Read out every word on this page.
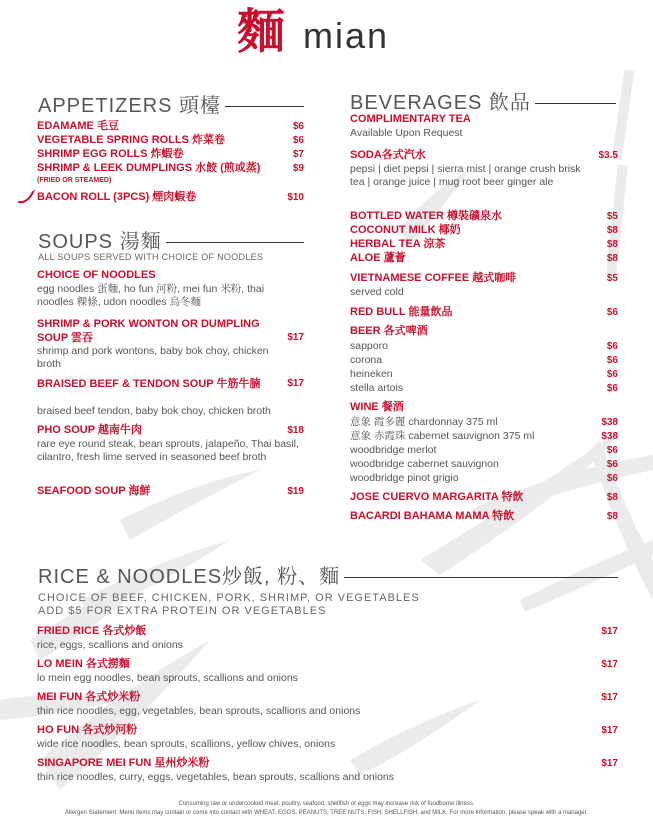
麵 mian
APPETIZERS 頭檯
EDAMAME 毛豆	$6
VEGETABLE SPRING ROLLS 炸菜卷	$6
SHRIMP EGG ROLLS 炸蝦卷	$7
SHRIMP & LEEK DUMPLINGS 水餃 (煎或蒸)	$9
(FRIED OR STEAMED)
BACON ROLL (3PCS) 煙肉蝦卷	$10
SOUPS 湯麵
ALL SOUPS SERVED WITH CHOICE OF NOODLES
CHOICE OF NOODLES
egg noodles 蛋麵, ho fun 河粉, mei fun 米粉, thai noodles 粿條, udon noodles 烏冬麵
SHRIMP & PORK WONTON OR DUMPLING SOUP 雲吞	$17
shrimp and pork wontons, baby bok choy, chicken broth
BRAISED BEEF & TENDON SOUP 牛筋牛腩	$17
braised beef tendon, baby bok choy, chicken broth
PHO SOUP 越南牛肉	$18
rare eye round steak, bean sprouts, jalapeño, Thai basil, cilantro, fresh lime served in seasoned beef broth
SEAFOOD SOUP 海鮮	$19
BEVERAGES 飲品
COMPLIMENTARY TEA
Available Upon Request
SODA各式汽水	$3.5
pepsi | diet pepsi | sierra mist | orange crush brisk tea | orange juice | mug root beer ginger ale
BOTTLED WATER 樽裝礦泉水	$5
COCONUT MILK 椰奶	$8
HERBAL TEA 涼茶	$8
ALOE 蘆薈	$8
VIETNAMESE COFFEE 越式咖啡	$5
served cold
RED BULL 能量飲品	$6
BEER 各式啤酒
sapporo	$6
corona	$6
heineken	$6
stella artois	$6
WINE 餐酒
意象 霞多麗 chardonnay 375 ml	$38
意象 赤霞珠 cabernet sauvignon 375 ml	$38
woodbridge merlot	$6
woodbridge cabernet sauvignon	$6
woodbridge pinot grigio	$6
JOSE CUERVO MARGARITA 特飲	$8
BACARDI BAHAMA MAMA 特飲	$8
RICE & NOODLES炒飯, 粉、麵
CHOICE OF BEEF, CHICKEN, PORK, SHRIMP, OR VEGETABLES
ADD $5 FOR EXTRA PROTEIN OR VEGETABLES
FRIED RICE 各式炒飯	$17
rice, eggs, scallions and onions
LO MEIN 各式撈麵	$17
lo mein egg noodles, bean sprouts, scallions and onions
MEI FUN 各式炒米粉	$17
thin rice noodles, egg, vegetables, bean sprouts, scallions and onions
HO FUN 各式炒河粉	$17
wide rice noodles, bean sprouts, scallions, yellow chives, onions
SINGAPORE MEI FUN 星州炒米粉	$17
thin rice noodles, curry, eggs, vegetables, bean sprouts, scallions and onions
Consuming raw or undercooked meat, poultry, seafood, shellfish or eggs may increase risk of foodborne illness.
Allergen Statement: Menu items may contain or come into contact with WHEAT, EGGS, PEANUTS, TREE NUTS, FISH, SHELLFISH, and MILK. For more information, please speak with a manager.
